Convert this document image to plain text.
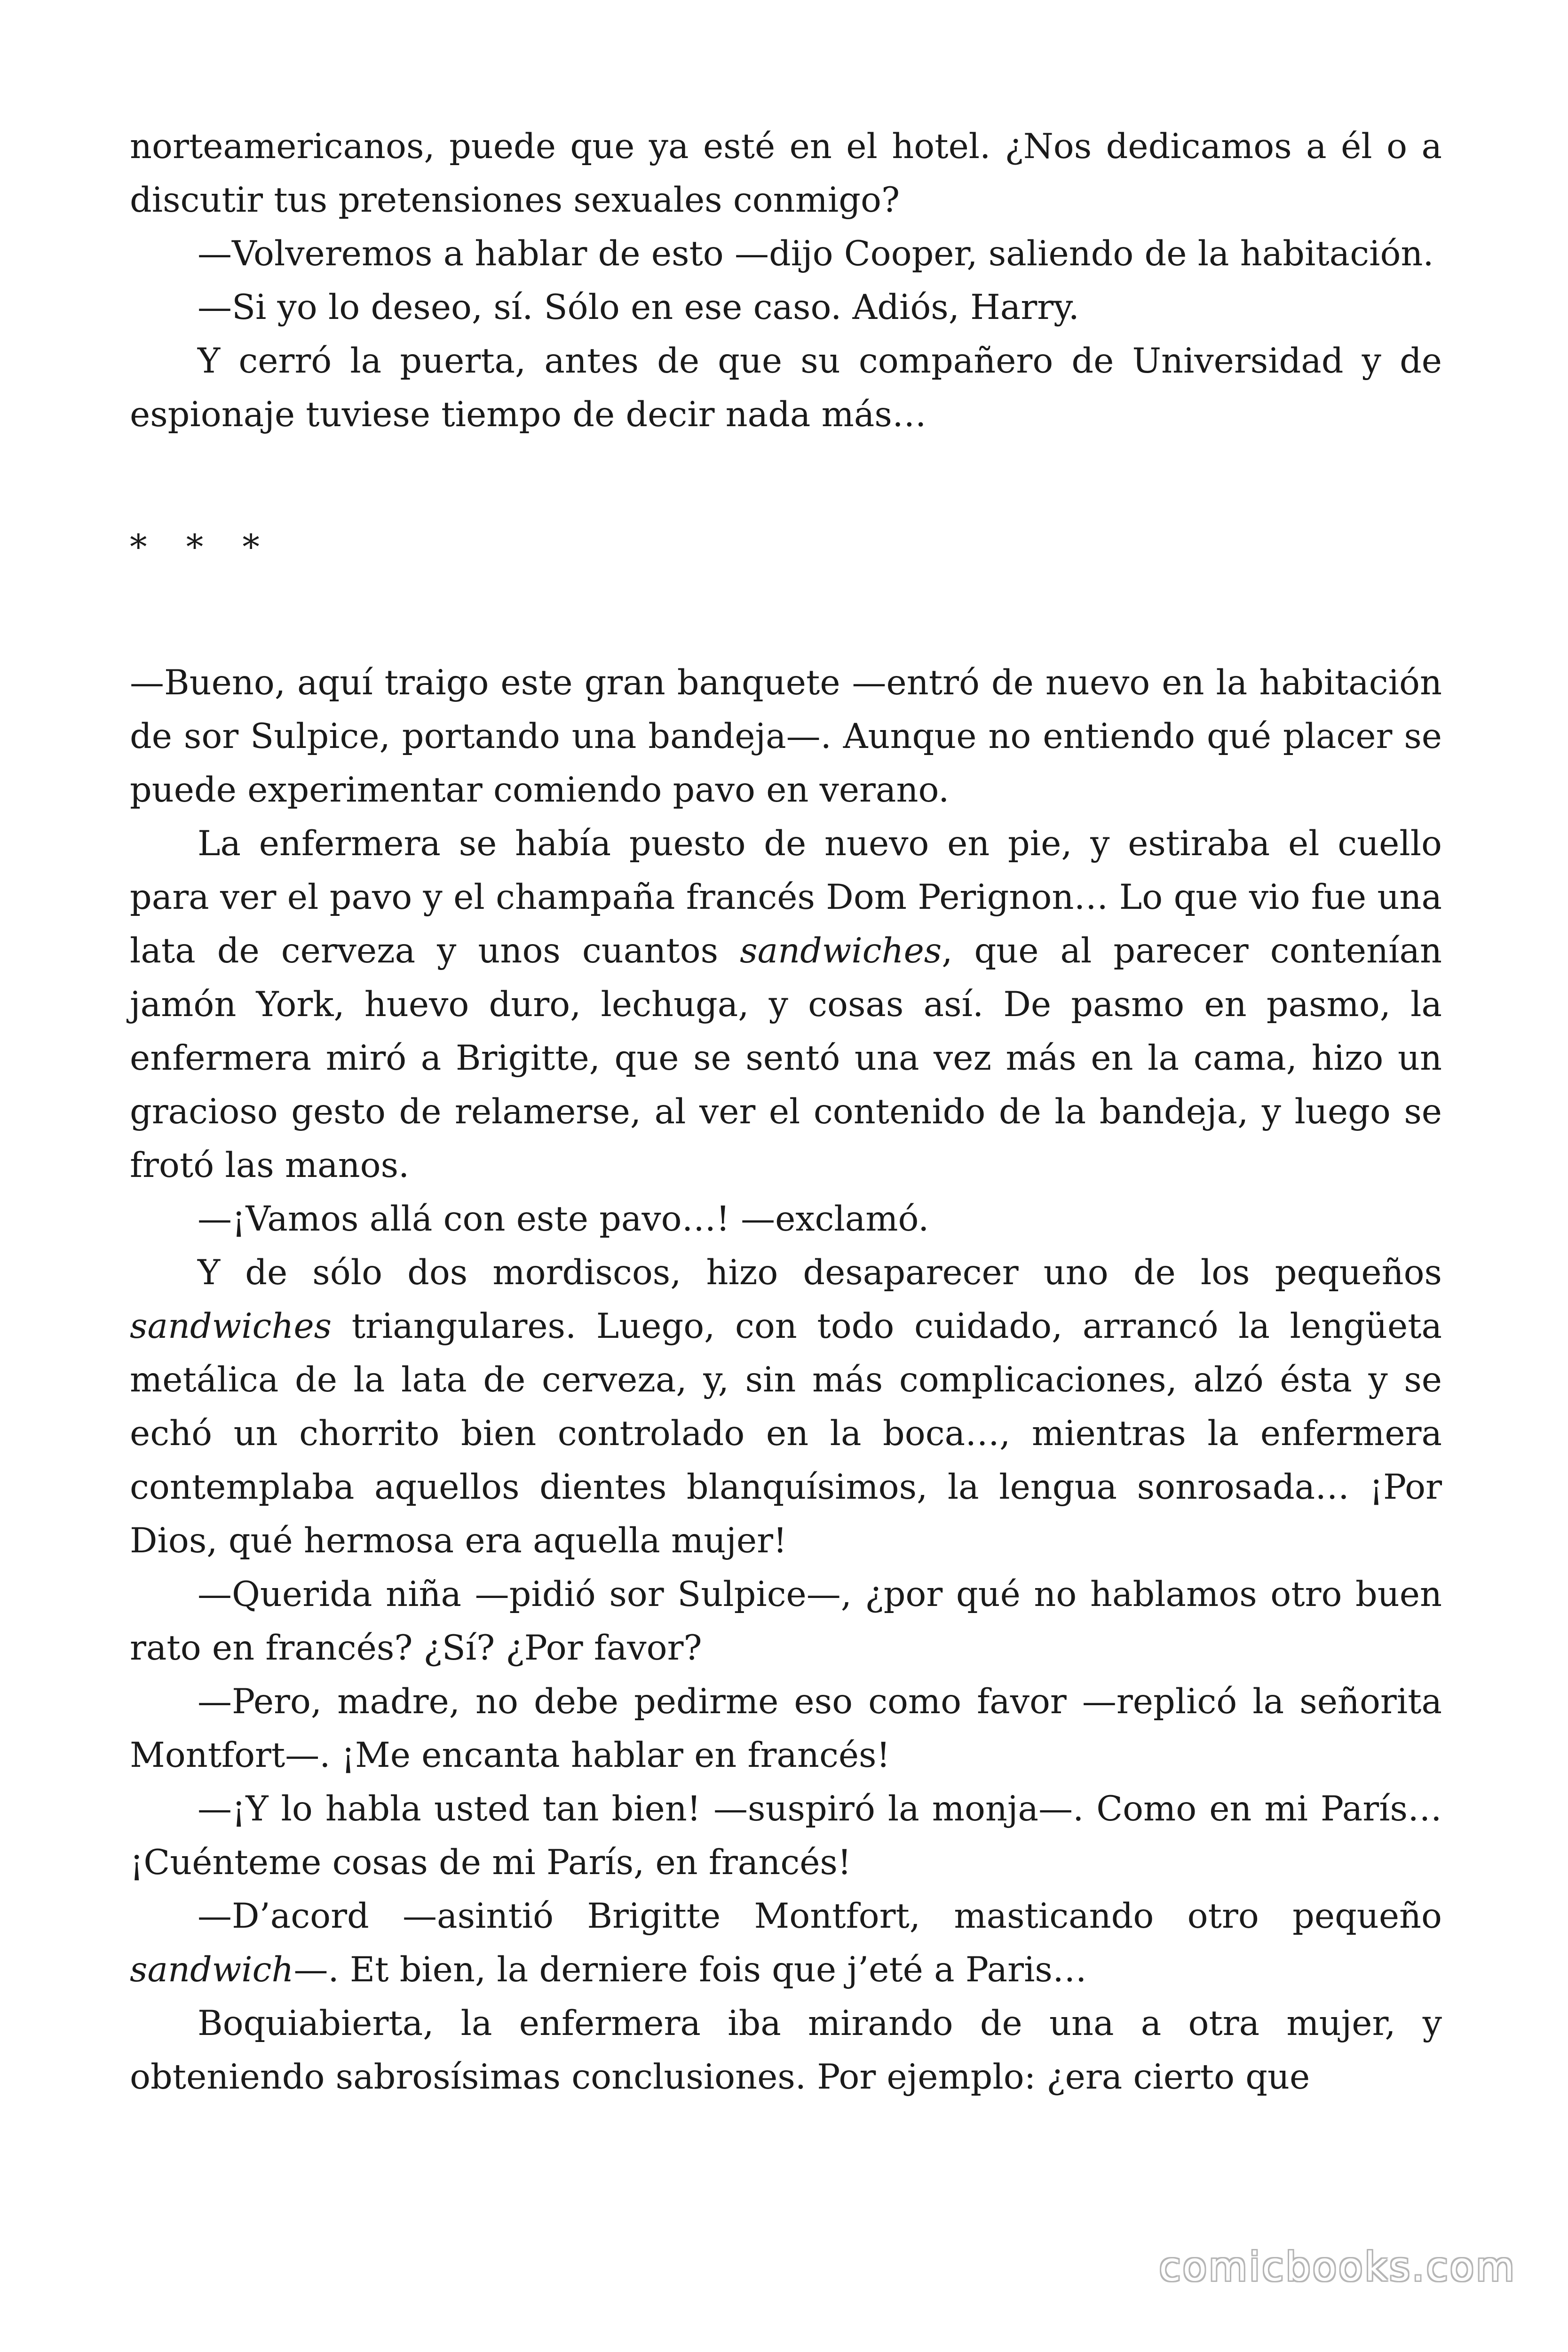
norteamericanos, puede que ya esté en el hotel. ¿Nos dedicamos a él o a discutir tus pretensiones sexuales conmigo?

—Volveremos a hablar de esto —dijo Cooper, saliendo de la habitación.

—Si yo lo deseo, sí. Sólo en ese caso. Adiós, Harry.

Y cerró la puerta, antes de que su compañero de Universidad y de espionaje tuviese tiempo de decir nada más…

* * *

—Bueno, aquí traigo este gran banquete —entró de nuevo en la habitación de sor Sulpice, portando una bandeja—. Aunque no entiendo qué placer se puede experimentar comiendo pavo en verano.

La enfermera se había puesto de nuevo en pie, y estiraba el cuello para ver el pavo y el champaña francés Dom Perignon… Lo que vio fue una lata de cerveza y unos cuantos sandwiches, que al parecer contenían jamón York, huevo duro, lechuga, y cosas así. De pasmo en pasmo, la enfermera miró a Brigitte, que se sentó una vez más en la cama, hizo un gracioso gesto de relamerse, al ver el contenido de la bandeja, y luego se frotó las manos.

—¡Vamos allá con este pavo…! —exclamó.

Y de sólo dos mordiscos, hizo desaparecer uno de los pequeños sandwiches triangulares. Luego, con todo cuidado, arrancó la lengüeta metálica de la lata de cerveza, y, sin más complicaciones, alzó ésta y se echó un chorrito bien controlado en la boca…, mientras la enfermera contemplaba aquellos dientes blanquísimos, la lengua sonrosada… ¡Por Dios, qué hermosa era aquella mujer!

—Querida niña —pidió sor Sulpice—, ¿por qué no hablamos otro buen rato en francés? ¿Sí? ¿Por favor?

—Pero, madre, no debe pedirme eso como favor —replicó la señorita Montfort—. ¡Me encanta hablar en francés!

—¡Y lo habla usted tan bien! —suspiró la monja—. Como en mi París… ¡Cuénteme cosas de mi París, en francés!

—D’acord —asintió Brigitte Montfort, masticando otro pequeño sandwich—. Et bien, la derniere fois que j’eté a Paris…

Boquiabierta, la enfermera iba mirando de una a otra mujer, y obteniendo sabrosísimas conclusiones. Por ejemplo: ¿era cierto que

comicbooks.com
